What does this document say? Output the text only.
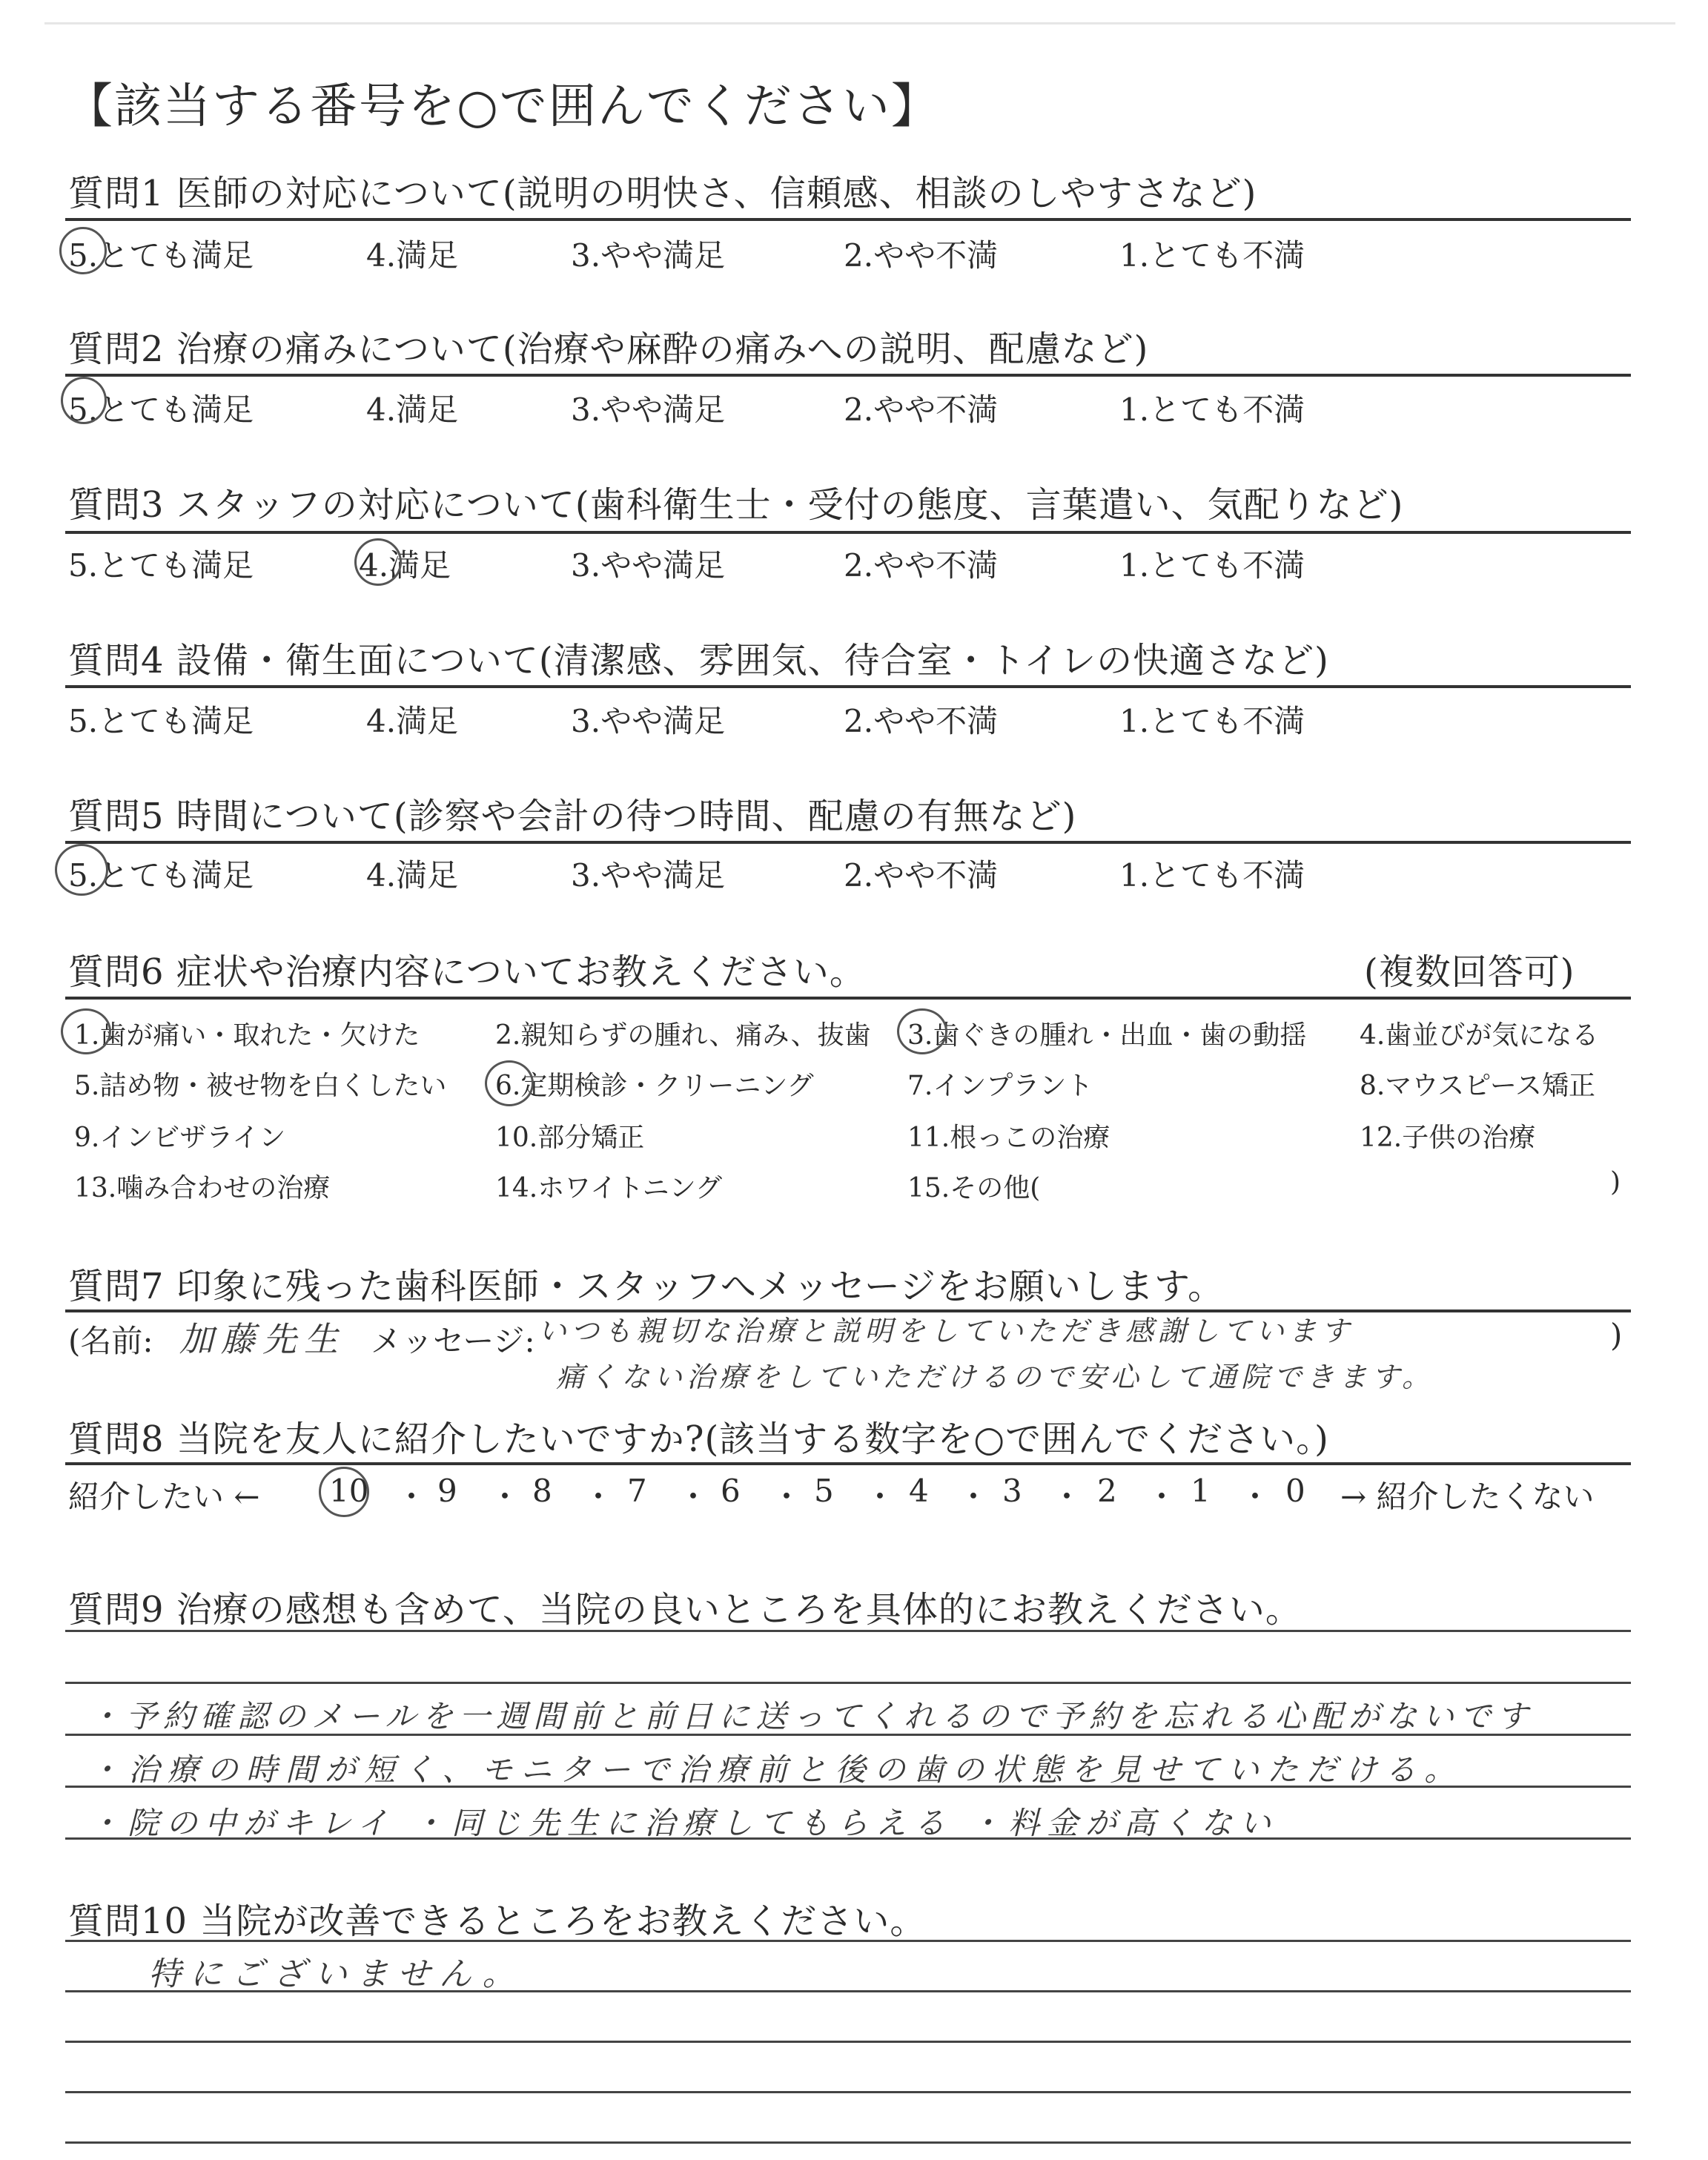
【該当する番号を○で囲んでください】
質問1 医師の対応について(説明の明快さ、信頼感、相談のしやすさなど)
5.とても満足	4.満足	3.やや満足	2.やや不満	1.とても不満
質問2 治療の痛みについて(治療や麻酔の痛みへの説明、配慮など)
5.とても満足	4.満足	3.やや満足	2.やや不満	1.とても不満
質問3 スタッフの対応について(歯科衛生士・受付の態度、言葉遣い、気配りなど)
5.とても満足	4.満足	3.やや満足	2.やや不満	1.とても不満
質問4 設備・衛生面について(清潔感、雰囲気、待合室・トイレの快適さなど)
5.とても満足	4.満足	3.やや満足	2.やや不満	1.とても不満
質問5 時間について(診察や会計の待つ時間、配慮の有無など)
5.とても満足	4.満足	3.やや満足	2.やや不満	1.とても不満
質問6 症状や治療内容についてお教えください。	(複数回答可)
1.歯が痛い・取れた・欠けた	2.親知らずの腫れ、痛み、抜歯 3.歯ぐきの腫れ・出血・歯の動揺 4.歯並びが気になる
5.詰め物・被せ物を白くしたい 6.定期検診・クリーニング	7.インプラント	8.マウスピース矯正
9.インビザライン	10.部分矯正	11.根っこの治療	12.子供の治療
13.噛み合わせの治療	14.ホワイトニング	15.その他(	)
質問7 印象に残った歯科医師・スタッフへメッセージをお願いします。
(名前: 加藤先生 メッセージ: いつも親切な治療と説明をしていただき感謝しています	)
痛くない治療をしていただけるので安心して通院できます。
質問8 当院を友人に紹介したいですか?(該当する数字を○で囲んでください。)
紹介したい ← 10 ・ 9 ・ 8 ・ 7 ・ 6 ・ 5 ・ 4 ・ 3 ・ 2 ・ 1 ・ 0 → 紹介したくない
質問9 治療の感想も含めて、当院の良いところを具体的にお教えください。
・予約確認のメールを一週間前と前日に送ってくれるので予約を忘れる心配がないです
・治療の時間が短く、モニターで治療前と後の歯の状態を見せていただける。
・院の中がキレイ ・同じ先生に治療してもらえる ・料金が高くない
質問10 当院が改善できるところをお教えください。
特にございません。
